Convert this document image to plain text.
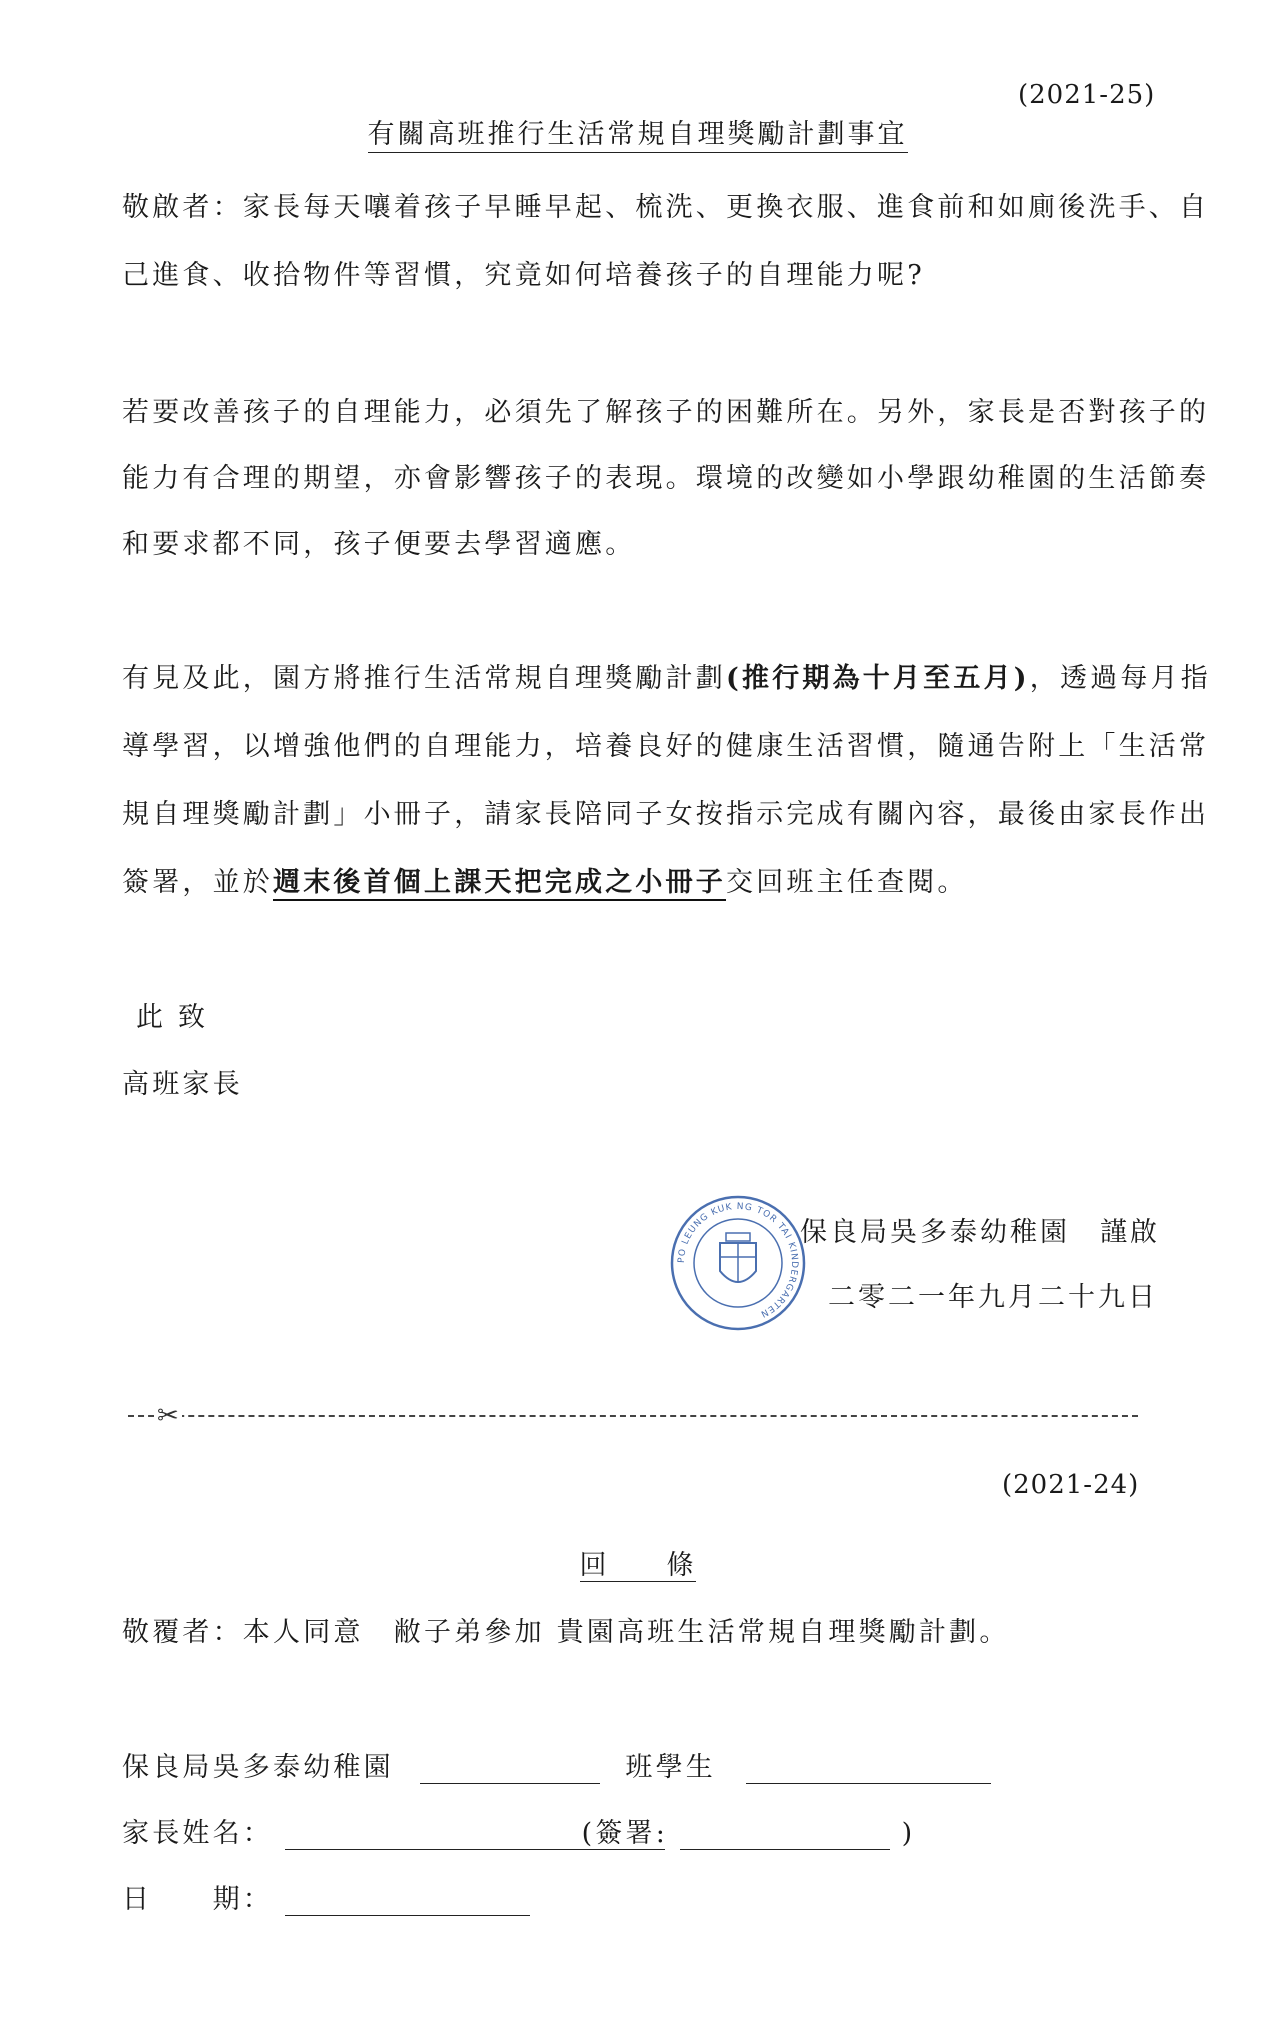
(2021-25)
有關高班推行生活常規自理獎勵計劃事宜
敬啟者：家長每天嚷着孩子早睡早起、梳洗、更換衣服、進食前和如廁後洗手、自
己進食、收拾物件等習慣，究竟如何培養孩子的自理能力呢?
若要改善孩子的自理能力，必須先了解孩子的困難所在。另外，家長是否對孩子的
能力有合理的期望，亦會影響孩子的表現。環境的改變如小學跟幼稚園的生活節奏
和要求都不同，孩子便要去學習適應。
有見及此，園方將推行生活常規自理獎勵計劃(推行期為十月至五月)，透過每月指
導學習，以增強他們的自理能力，培養良好的健康生活習慣，隨通告附上「生活常
規自理獎勵計劃」小冊子，請家長陪同子女按指示完成有關內容，最後由家長作出
簽署，並於週末後首個上課天把完成之小冊子交回班主任查閱。
此 致
高班家長
PO LEUNG KUK NG TOR TAI KINDERGARTEN
保良局吳多泰幼稚園　謹啟
二零二一年九月二十九日
✂
(2021-24)
回　　條
敬覆者：本人同意　敝子弟參加 貴園高班生活常規自理獎勵計劃。
保良局吳多泰幼稚園	班學生
家長姓名：	(簽署:	)
日　　期：
